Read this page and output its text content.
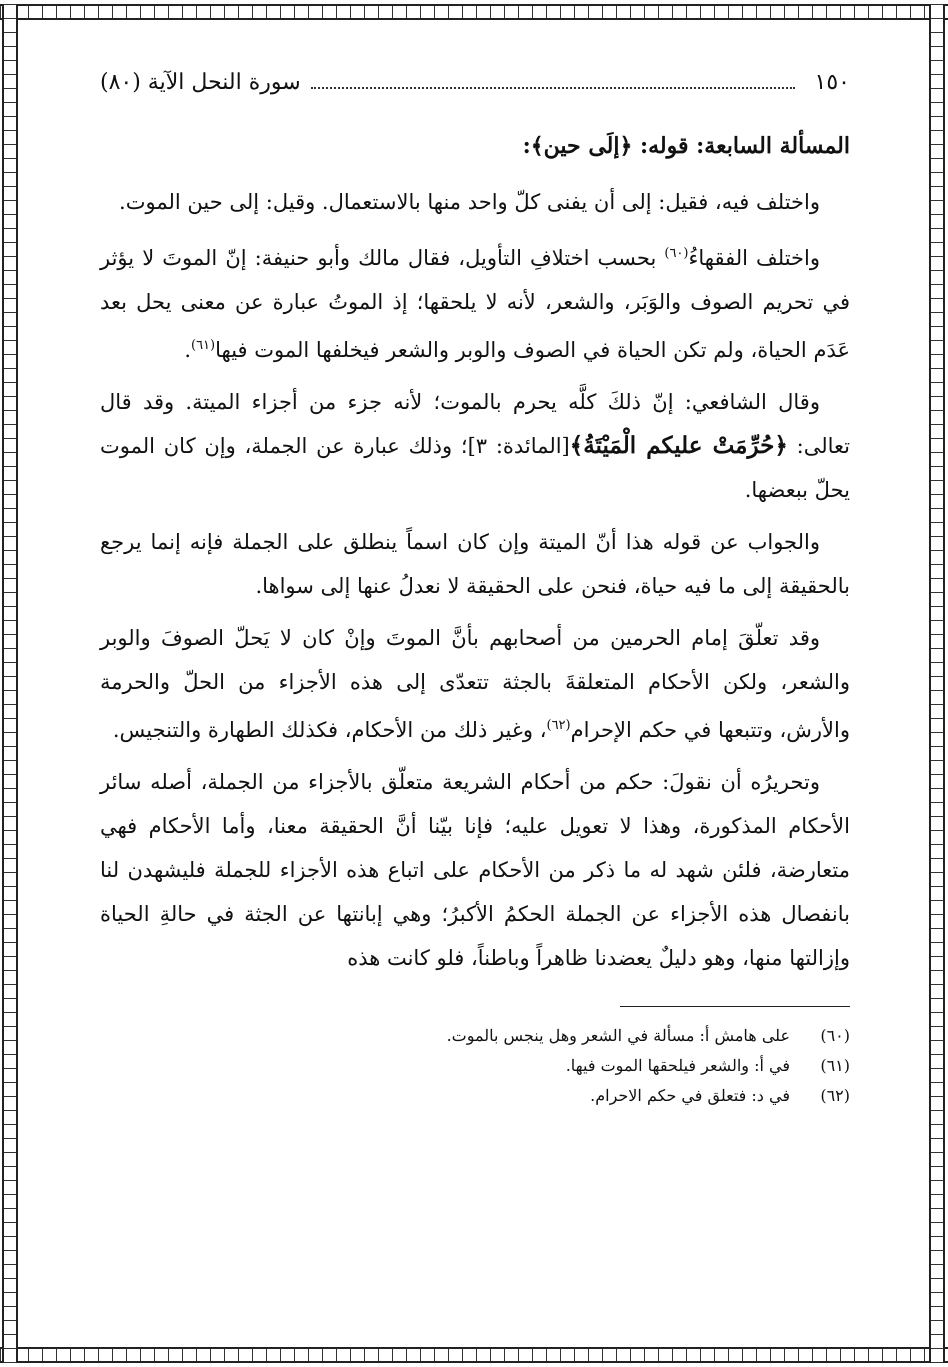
١٥٠
سورة النحل الآية (٨٠)

المسألة السابعة: قوله: ﴿إلَى حين﴾:

واختلف فيه، فقيل: إلى أن يفنى كلّ واحد منها بالاستعمال. وقيل: إلى حين الموت.

واختلف الفقهاءُ$^{(٦٠)}$ بحسب اختلافِ التأويل، فقال مالك وأبو حنيفة: إنّ الموتَ لا يؤثر في تحريم الصوف والوَبَر، والشعر، لأنه لا يلحقها؛ إذ الموتُ عبارة عن معنى يحل بعد عَدَم الحياة، ولم تكن الحياة في الصوف والوبر والشعر فيخلفها الموت فيها$^{(٦١)}$.

وقال الشافعي: إنّ ذلكَ كلَّه يحرم بالموت؛ لأنه جزء من أجزاء الميتة. وقد قال تعالى: ﴿حُرِّمَتْ عليكم الْمَيْتَةُ﴾[المائدة: ٣]؛ وذلك عبارة عن الجملة، وإن كان الموت يحلّ ببعضها.

والجواب عن قوله هذا أنّ الميتة وإن كان اسماً ينطلق على الجملة فإنه إنما يرجع بالحقيقة إلى ما فيه حياة، فنحن على الحقيقة لا نعدلُ عنها إلى سواها.

وقد تعلّقَ إمام الحرمين من أصحابهم بأنَّ الموتَ وإنْ كان لا يَحلّ الصوفَ والوبر والشعر، ولكن الأحكام المتعلقةَ بالجثة تتعدّى إلى هذه الأجزاء من الحلّ والحرمة والأرش، وتتبعها في حكم الإحرام$^{(٦٢)}$، وغير ذلك من الأحكام، فكذلك الطهارة والتنجيس.

وتحريرُه أن نقولَ: حكم من أحكام الشريعة متعلّق بالأجزاء من الجملة، أصله سائر الأحكام المذكورة، وهذا لا تعويل عليه؛ فإنا بيّنا أنَّ الحقيقة معنا، وأما الأحكام فهي متعارضة، فلئن شهد له ما ذكر من الأحكام على اتباع هذه الأجزاء للجملة فليشهدن لنا بانفصال هذه الأجزاء عن الجملة الحكمُ الأكبرُ؛ وهي إبانتها عن الجثة في حالةِ الحياة وإزالتها منها، وهو دليلٌ يعضدنا ظاهراً وباطناً، فلو كانت هذه

(٦٠)
على هامش أ: مسألة في الشعر وهل ينجس بالموت.

(٦١)
في أ: والشعر فيلحقها الموت فيها.

(٦٢)
في د: فتعلق في حكم الاحرام.
